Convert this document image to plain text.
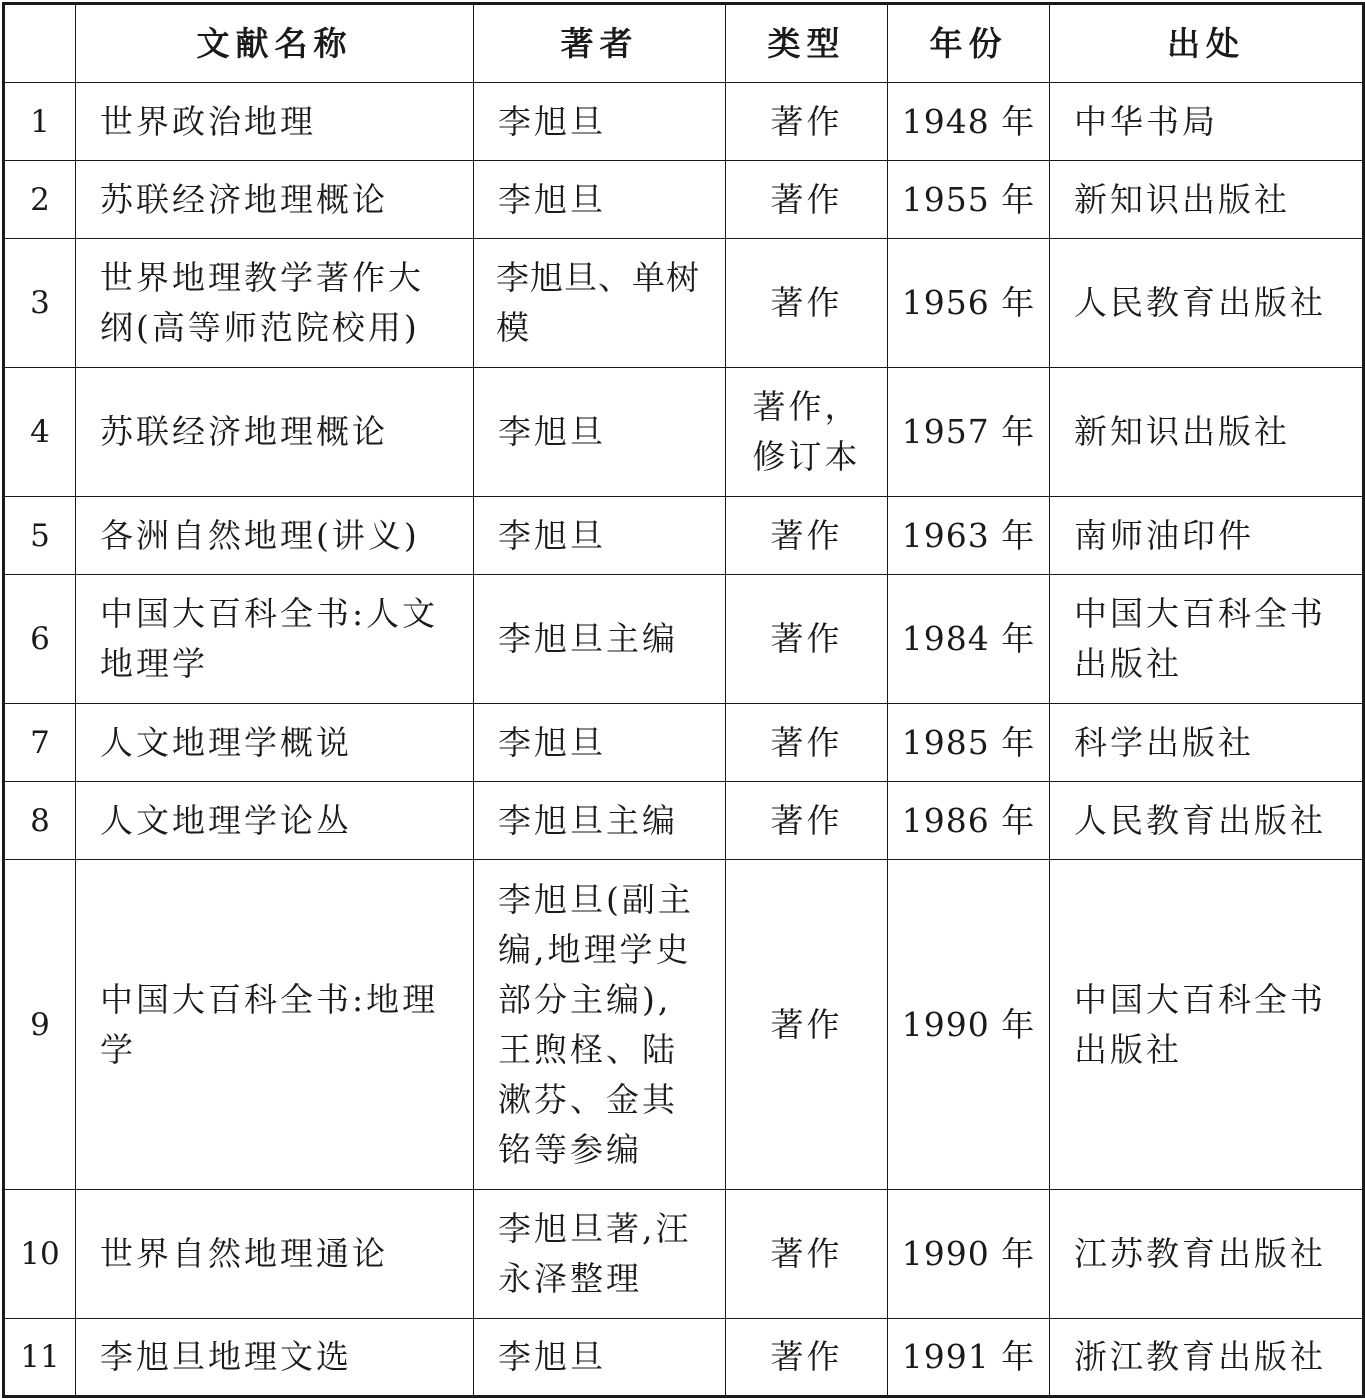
	文献名称	著者	类型	年份	出处
1	世界政治地理	李旭旦	著作	1948 年	中华书局
2	苏联经济地理概论	李旭旦	著作	1955 年	新知识出版社
3	世界地理教学著作大纲(高等师范院校用)	李旭旦、单树模	著作	1956 年	人民教育出版社
4	苏联经济地理概论	李旭旦	著作，修订本	1957 年	新知识出版社
5	各洲自然地理(讲义)	李旭旦	著作	1963 年	南师油印件
6	中国大百科全书:人文地理学	李旭旦主编	著作	1984 年	中国大百科全书出版社
7	人文地理学概说	李旭旦	著作	1985 年	科学出版社
8	人文地理学论丛	李旭旦主编	著作	1986 年	人民教育出版社
9	中国大百科全书:地理学	李旭旦(副主编,地理学史部分主编),王煦柽、陆漱芬、金其铭等参编	著作	1990 年	中国大百科全书出版社
10	世界自然地理通论	李旭旦著,汪永泽整理	著作	1990 年	江苏教育出版社
11	李旭旦地理文选	李旭旦	著作	1991 年	浙江教育出版社
